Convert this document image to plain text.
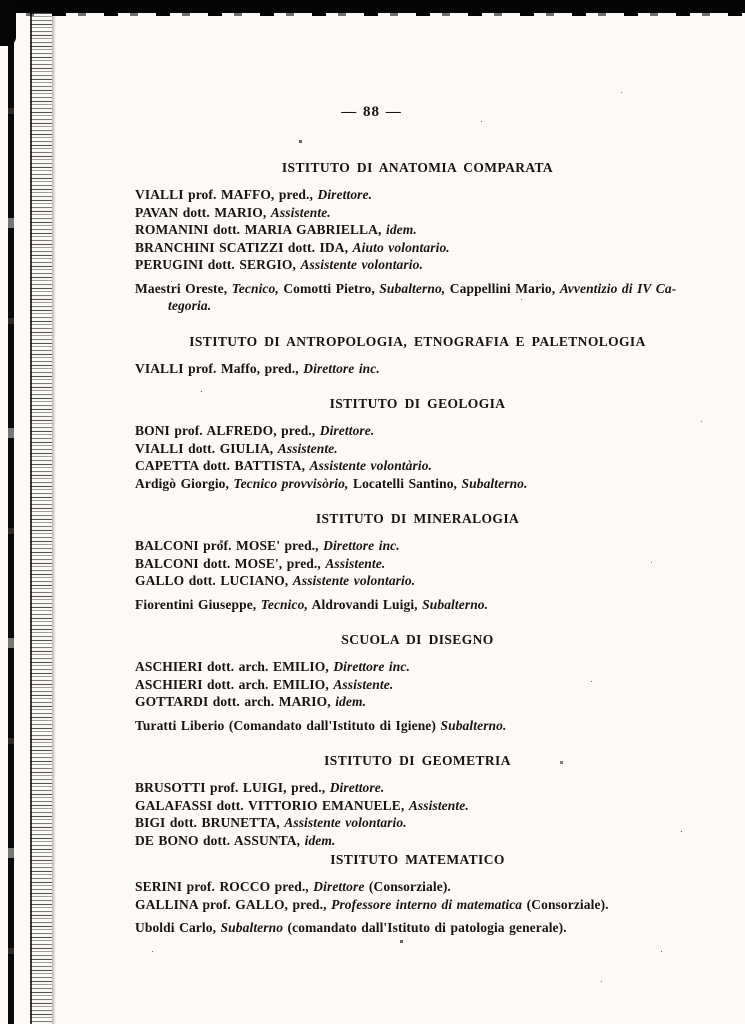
— 88 —
ISTITUTO DI ANATOMIA COMPARATA

VIALLI prof. MAFFO, pred., Direttore.

PAVAN dott. MARIO, Assistente.

ROMANINI dott. MARIA GABRIELLA, idem.

BRANCHINI SCATIZZI dott. IDA, Aiuto volontario.

PERUGINI dott. SERGIO, Assistente volontario.

Maestri Oreste, Tecnico, Comotti Pietro, Subalterno, Cappellini Mario, Avventizio di IV Ca-

tegoria.

ISTITUTO DI ANTROPOLOGIA, ETNOGRAFIA E PALETNOLOGIA

VIALLI prof. Maffo, pred., Direttore inc.

ISTITUTO DI GEOLOGIA

BONI prof. ALFREDO, pred., Direttore.

VIALLI dott. GIULIA, Assistente.

CAPETTA dott. BATTISTA, Assistente volontàrio.

Ardigò Giorgio, Tecnico provvisòrio, Locatelli Santino, Subalterno.

ISTITUTO DI MINERALOGIA

BALCONI prof. MOSE' pred., Direttore inc.

BALCONI dott. MOSE', pred., Assistente.

GALLO dott. LUCIANO, Assistente volontario.

Fiorentini Giuseppe, Tecnico, Aldrovandi Luigi, Subalterno.

SCUOLA DI DISEGNO

ASCHIERI dott. arch. EMILIO, Direttore inc.

ASCHIERI dott. arch. EMILIO, Assistente.

GOTTARDI dott. arch. MARIO, idem.

Turatti Liberio (Comandato dall'Istituto di Igiene) Subalterno.

ISTITUTO DI GEOMETRIA

BRUSOTTI prof. LUIGI, pred., Direttore.

GALAFASSI dott. VITTORIO EMANUELE, Assistente.

BIGI dott. BRUNETTA, Assistente volontario.

DE BONO dott. ASSUNTA, idem.

ISTITUTO MATEMATICO

SERINI prof. ROCCO pred., Direttore (Consorziale).

GALLINA prof. GALLO, pred., Professore interno di matematica (Consorziale).

Uboldi Carlo, Subalterno (comandato dall'Istituto di patologia generale).
